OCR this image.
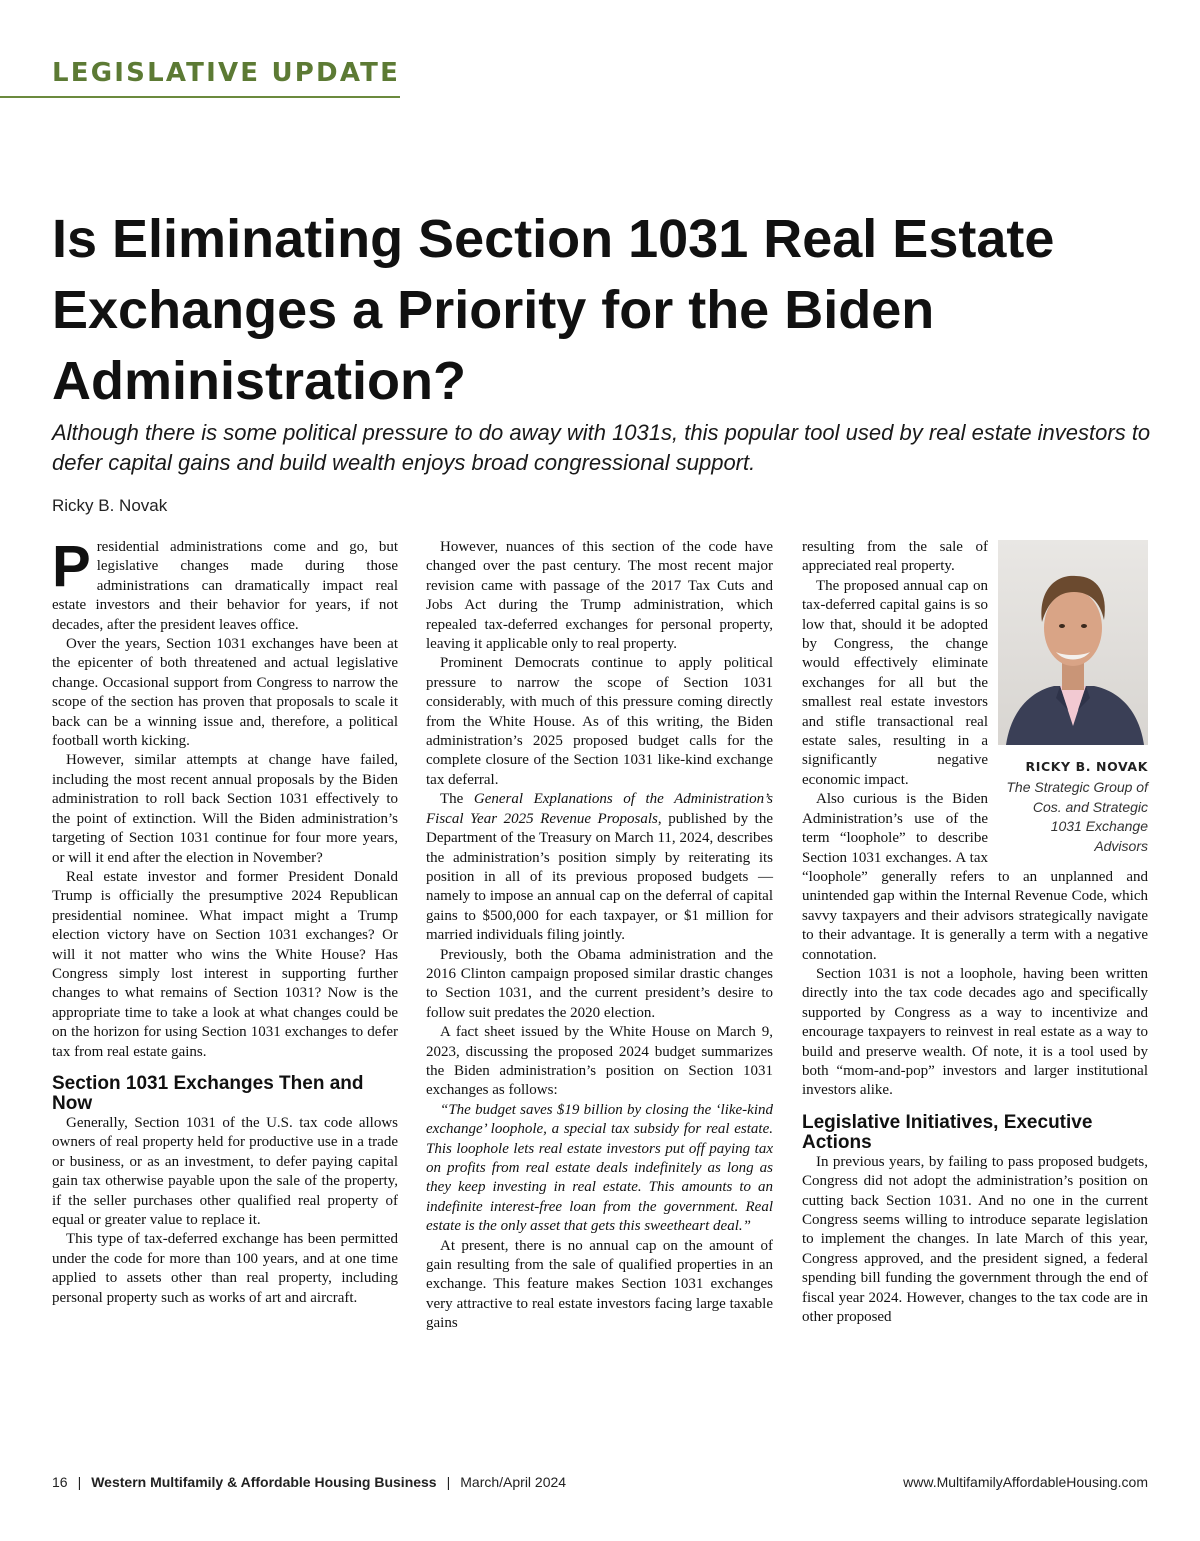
LEGISLATIVE UPDATE
Is Eliminating Section 1031 Real Estate Exchanges a Priority for the Biden Administration?

Although there is some political pressure to do away with 1031s, this popular tool used by real estate investors to defer capital gains and build wealth enjoys broad congressional support.

Ricky B. Novak

Presidential administrations come and go, but legislative changes made during those administrations can dramatically impact real estate investors and their behavior for years, if not decades, after the president leaves office.

Over the years, Section 1031 exchanges have been at the epicenter of both threatened and actual legislative change. Occasional support from Congress to narrow the scope of the section has proven that proposals to scale it back can be a winning issue and, therefore, a political football worth kicking.

However, similar attempts at change have failed, including the most recent annual proposals by the Biden administration to roll back Section 1031 effectively to the point of extinction. Will the Biden administration’s targeting of Section 1031 continue for four more years, or will it end after the election in November?

Real estate investor and former President Donald Trump is officially the presumptive 2024 Republican presidential nominee. What impact might a Trump election victory have on Section 1031 exchanges? Or will it not matter who wins the White House? Has Congress simply lost interest in supporting further changes to what remains of Section 1031? Now is the appropriate time to take a look at what changes could be on the horizon for using Section 1031 exchanges to defer tax from real estate gains.

Section 1031 Exchanges Then and Now

Generally, Section 1031 of the U.S. tax code allows owners of real property held for productive use in a trade or business, or as an investment, to defer paying capital gain tax otherwise payable upon the sale of the property, if the seller purchases other qualified real property of equal or greater value to replace it.

This type of tax-deferred exchange has been permitted under the code for more than 100 years, and at one time applied to assets other than real property, including personal property such as works of art and aircraft.

However, nuances of this section of the code have changed over the past century. The most recent major revision came with passage of the 2017 Tax Cuts and Jobs Act during the Trump administration, which repealed tax-deferred exchanges for personal property, leaving it applicable only to real property.

Prominent Democrats continue to apply political pressure to narrow the scope of Section 1031 considerably, with much of this pressure coming directly from the White House. As of this writing, the Biden administration’s 2025 proposed budget calls for the complete closure of the Section 1031 like-kind exchange tax deferral.

The General Explanations of the Administration’s Fiscal Year 2025 Revenue Proposals, published by the Department of the Treasury on March 11, 2024, describes the administration’s position simply by reiterating its position in all of its previous proposed budgets — namely to impose an annual cap on the deferral of capital gains to $500,000 for each taxpayer, or $1 million for married individuals filing jointly.

Previously, both the Obama administration and the 2016 Clinton campaign proposed similar drastic changes to Section 1031, and the current president’s desire to follow suit predates the 2020 election.

A fact sheet issued by the White House on March 9, 2023, discussing the proposed 2024 budget summarizes the Biden administration’s position on Section 1031 exchanges as follows:

“The budget saves $19 billion by closing the ‘like-kind exchange’ loophole, a special tax subsidy for real estate. This loophole lets real estate investors put off paying tax on profits from real estate deals indefinitely as long as they keep investing in real estate. This amounts to an indefinite interest-free loan from the government. Real estate is the only asset that gets this sweetheart deal.”

At present, there is no annual cap on the amount of gain resulting from the sale of qualified properties in an exchange. This feature makes Section 1031 exchanges very attractive to real estate investors facing large taxable gains

RICKY B. NOVAK
The Strategic Group of Cos. and Strategic 1031 Exchange Advisors

resulting from the sale of appreciated real property.

The proposed annual cap on tax-deferred capital gains is so low that, should it be adopted by Congress, the change would effectively eliminate exchanges for all but the smallest real estate investors and stifle transactional real estate sales, resulting in a significantly negative economic impact.

Also curious is the Biden Administration’s use of the term “loophole” to describe Section 1031 exchanges. A tax “loophole” generally refers to an unplanned and unintended gap within the Internal Revenue Code, which savvy taxpayers and their advisors strategically navigate to their advantage. It is generally a term with a negative connotation.

Section 1031 is not a loophole, having been written directly into the tax code decades ago and specifically supported by Congress as a way to incentivize and encourage taxpayers to reinvest in real estate as a way to build and preserve wealth. Of note, it is a tool used by both “mom-and-pop” investors and larger institutional investors alike.

Legislative Initiatives, Executive Actions

In previous years, by failing to pass proposed budgets, Congress did not adopt the administration’s position on cutting back Section 1031. And no one in the current Congress seems willing to introduce separate legislation to implement the changes. In late March of this year, Congress approved, and the president signed, a federal spending bill funding the government through the end of fiscal year 2024. However, changes to the tax code are in other proposed

16 | Western Multifamily & Affordable Housing Business | March/April 2024	www.MultifamilyAffordableHousing.com
